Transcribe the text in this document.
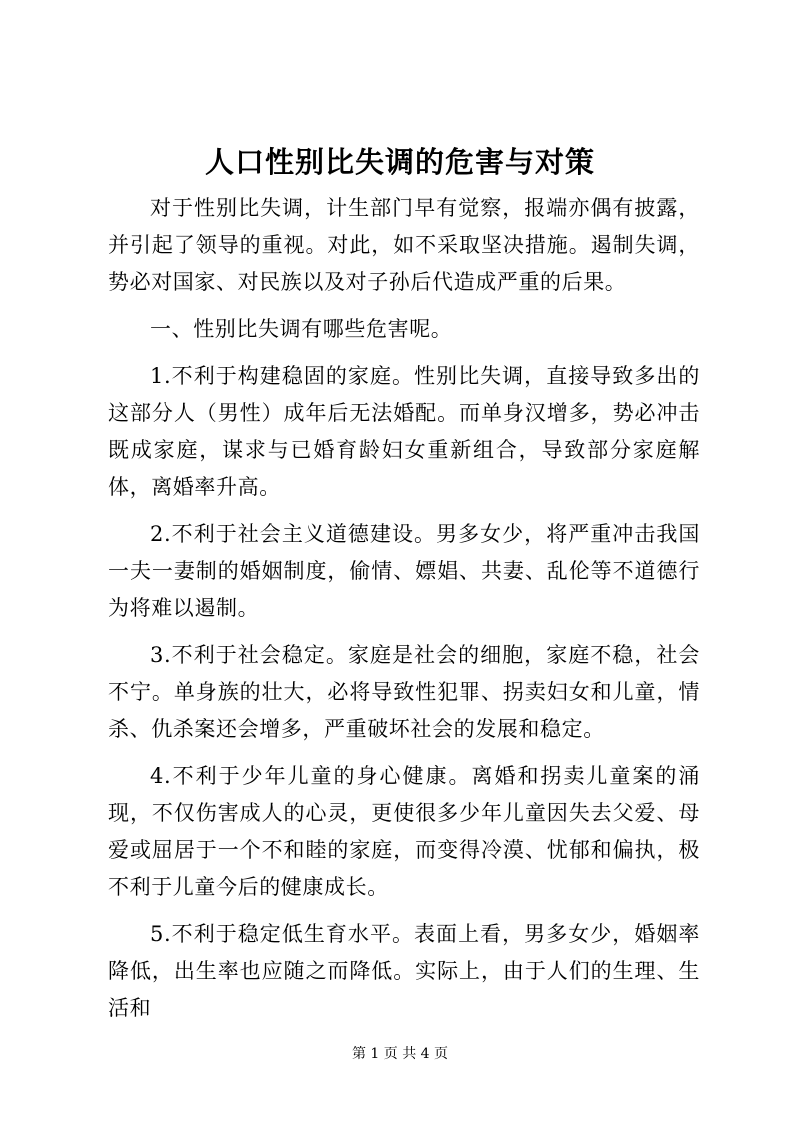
人口性别比失调的危害与对策

对于性别比失调，计生部门早有觉察，报端亦偶有披露，并引起了领导的重视。对此，如不采取坚决措施。遏制失调，势必对国家、对民族以及对子孙后代造成严重的后果。

一、性别比失调有哪些危害呢。

1.不利于构建稳固的家庭。性别比失调，直接导致多出的这部分人（男性）成年后无法婚配。而单身汉增多，势必冲击既成家庭，谋求与已婚育龄妇女重新组合，导致部分家庭解体，离婚率升高。

2.不利于社会主义道德建设。男多女少，将严重冲击我国一夫一妻制的婚姻制度，偷情、嫖娼、共妻、乱伦等不道德行为将难以遏制。

3.不利于社会稳定。家庭是社会的细胞，家庭不稳，社会不宁。单身族的壮大，必将导致性犯罪、拐卖妇女和儿童，情杀、仇杀案还会增多，严重破坏社会的发展和稳定。

4.不利于少年儿童的身心健康。离婚和拐卖儿童案的涌现，不仅伤害成人的心灵，更使很多少年儿童因失去父爱、母爱或屈居于一个不和睦的家庭，而变得冷漠、忧郁和偏执，极不利于儿童今后的健康成长。

5.不利于稳定低生育水平。表面上看，男多女少，婚姻率降低，出生率也应随之而降低。实际上，由于人们的生理、生活和

第 1 页 共 4 页
